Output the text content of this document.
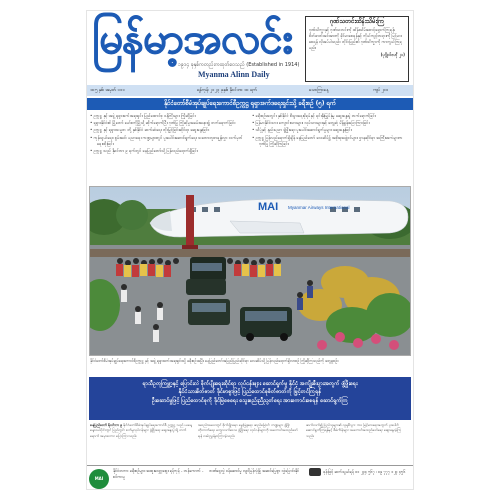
မြန်မာ့အလင်း
၁၉၁၄ ခုနှစ်ကတည်းကထုတ်ဝေသည် (Established in 1914)
Myanma Alinn Daily
ဂုဏ်သတင်းထိန်းသိမ်းကြ
ဂုဏ်သိက္ခာနှင့် ဂုဏ်သတင်းကို ထိန်းသိမ်းစောင့်ရှောက်ကြရန်၊ စိတ်ဓာတ်အင်အားကို ခိုင်မာစေရန်နှင့် ကိုယ်ကျင့်တရားကို မြင့်မားစေရန် လိုအပ်ပါသည်။ တိုင်းပြည်၏ ဂုဏ်သိက္ခာကို ကာကွယ်ကြရမည်။
(ပုဂ္ဂိုလ်ဗဟို ၂၁)
၁၀၅ နှစ်၊ အမှတ် ၁၁၁	ရန်ကုန်၊ ၂၀၂၃ ခုနှစ်၊ နိုဝင်ဘာ ၁၀ ရက်	သောကြာနေ့	ကျပ် ၂၀၀
နိုင်ငံတော်စီမံအုပ်ချုပ်ရေးကောင်စီဥက္ကဋ္ဌ ရုရှားဖက်ဒရေးရှင်းသို့ ခရီးစဉ် (၅) ရက်

• ဥက္ကဋ္ဌ နှင့် အဖွဲ့ ရုရှားဖက်ဒရေးရှင်း ပြည်ထောင်စု ဝန်ကြီးများ ကြိုဆိုခြင်း

• ရုရှားနိုင်ငံ၏ မြို့တော် မော်စကိုမြို့သို့ ဆိုက်ရောက်ပြီး ဂုဏ်ပြု ကြိုဆိုမှုအခမ်းအနား၌ တက်ရောက်ခြင်း

• ဥက္ကဋ္ဌ နှင့် ရုရှားသမ္မတ တို့ နှစ်နိုင်ငံ ဆက်ဆံရေး တိုးမြှင့်ခြင်းဆိုင်ရာ ဆွေးနွေးခြင်း

• ကုန်သွယ်ရေး၊ စွမ်းအင်၊ ပညာရေး ကဏ္ဍများတွင် ပူးပေါင်းဆောင်ရွက်ရေး သဘောတူစာချွန်လွှာ လက်မှတ်ရေးထိုးခြင်း

• ဥက္ကဋ္ဌ သည် နိုဝင်ဘာ ၉ ရက်တွင် နေပြည်တော်သို့ ပြန်လည်ရောက်ရှိခြင်း

• ခရီးစဉ်အတွင်း နှစ်နိုင်ငံ စီးပွားရေးဖိုရမ်နှင့် ရင်းနှီးမြှုပ်နှံမှု ဆွေးနွေးပွဲ တက်ရောက်ခြင်း

• မြန်မာနိုင်ငံသား ကျောင်းသားများ၊ လုပ်သားများနှင့် တွေ့ဆုံ မိန့်ခွန်းပြောကြားခြင်း

• သိပ္ပံနှင့် နည်းပညာ ဖွံ့ဖြိုးရေး ပူးပေါင်းဆောင်ရွက်မှုများ ဆွေးနွေးခြင်း

• ဥက္ကဋ္ဌ ပြန်လည်ရောက်ရှိချိန် နေပြည်တော် လေဆိပ်၌ အစိုးရအဖွဲ့ဝင်များ၊ ဌာနဆိုင်ရာ အကြီးအကဲများက ဂုဏ်ပြု ကြိုဆိုကြခြင်း

MAI Myanmar Airways International
နိုင်ငံတော်စီမံအုပ်ချုပ်ရေးကောင်စီဥက္ကဋ္ဌ နှင့် အဖွဲ့ ရုရှားဖက်ဒရေးရှင်းသို့ ခရီးစဉ်အပြီး နေပြည်တော်အပြည်ပြည်ဆိုင်ရာ လေဆိပ်သို့ ပြန်လည်ရောက်ရှိလာစဉ် ကြိုဆိုကြသည်ကို တွေ့ရစဉ်။
ရာသီဥတုကြမ္ဘာ့နှင့် ပြောင်းလဲ စိုက်ပျိုးရေးဆိုင်ရာ လုပ်ငန်းများ ဆောင်ရွက်မှု နိုင်ငံ့ အကျိုးစီးပွားအတွက် ဖွံ့ဖြိုးရေး
နိုင်ငံသားစိတ်ဓာတ် ခိုင်မာစွာဖြင့် ပြည်ထောင်စုစိတ်ဓာတ်ကို မြှင့်တင်ကြရန်
ဦးဆောင်မှုဖြင့် ပြည်ထောင်စုကို ခိုင်မြဲစေရေး သွေးစည်းညီညွတ်ရေး အားကောင်းစေရန် ဆောင်ရွက်ကြ
နေပြည်တော် နိုဝင်ဘာ ၉ နိုင်ငံတော်စီမံအုပ်ချုပ်ရေးကောင်စီ ဥက္ကဋ္ဌ သည် ယနေ့ နေ့လယ်ပိုင်းတွင် ပြည်တွင်း စက်မှုလုပ်ငန်းများ ဖွံ့ဖြိုးရေး ဆွေးနွေးပွဲသို့ တက်ရောက် အမှာစကား ပြောကြားသည်။
အစည်းအဝေးတွင် စိုက်ပျိုးရေး၊ မွေးမြူရေး၊ ဆည်မြောင်း ကဏ္ဍများ ဖွံ့ဖြိုးတိုးတက်ရေး၊ ကျေးလက်ဒေသ ဖွံ့ဖြိုးရေး လုပ်ငန်းများကို အကောင်အထည်ဖော်ရန် လမ်းညွှန်မှာကြားခဲ့သည်။
ဆက်လက်၍ ပြည်သူများ၏ လူမှုစီးပွား ဘဝ မြင့်မားရေးအတွက် ပူးပေါင်းဆောင်ရွက်ကြရန်နှင့် စီမံကိန်းများ အကောင်အထည်ဖော်ရေး ဆွေးနွေးခဲ့ကြသည်။
MAI
နိုင်ငံတကာ ခရီးစဉ်များ အထူးလျှော့ဈေး ရန်ကုန် - ဘန်ကောက် - စင်ကာပူ
ဘဏ်ငွေလွှဲ ဝန်ဆောင်မှု လျင်မြန်လုံခြုံ အဆင်ပြေစွာ လွှဲပြောင်းနိုင်	ဖုန်းဖြင့် ဆက်သွယ်ရန် ၀၁ ၂၃၄ ၅၆၇ ၊ ၀၉ ၇၇၇ ၁၂၃ ၄၅၆
